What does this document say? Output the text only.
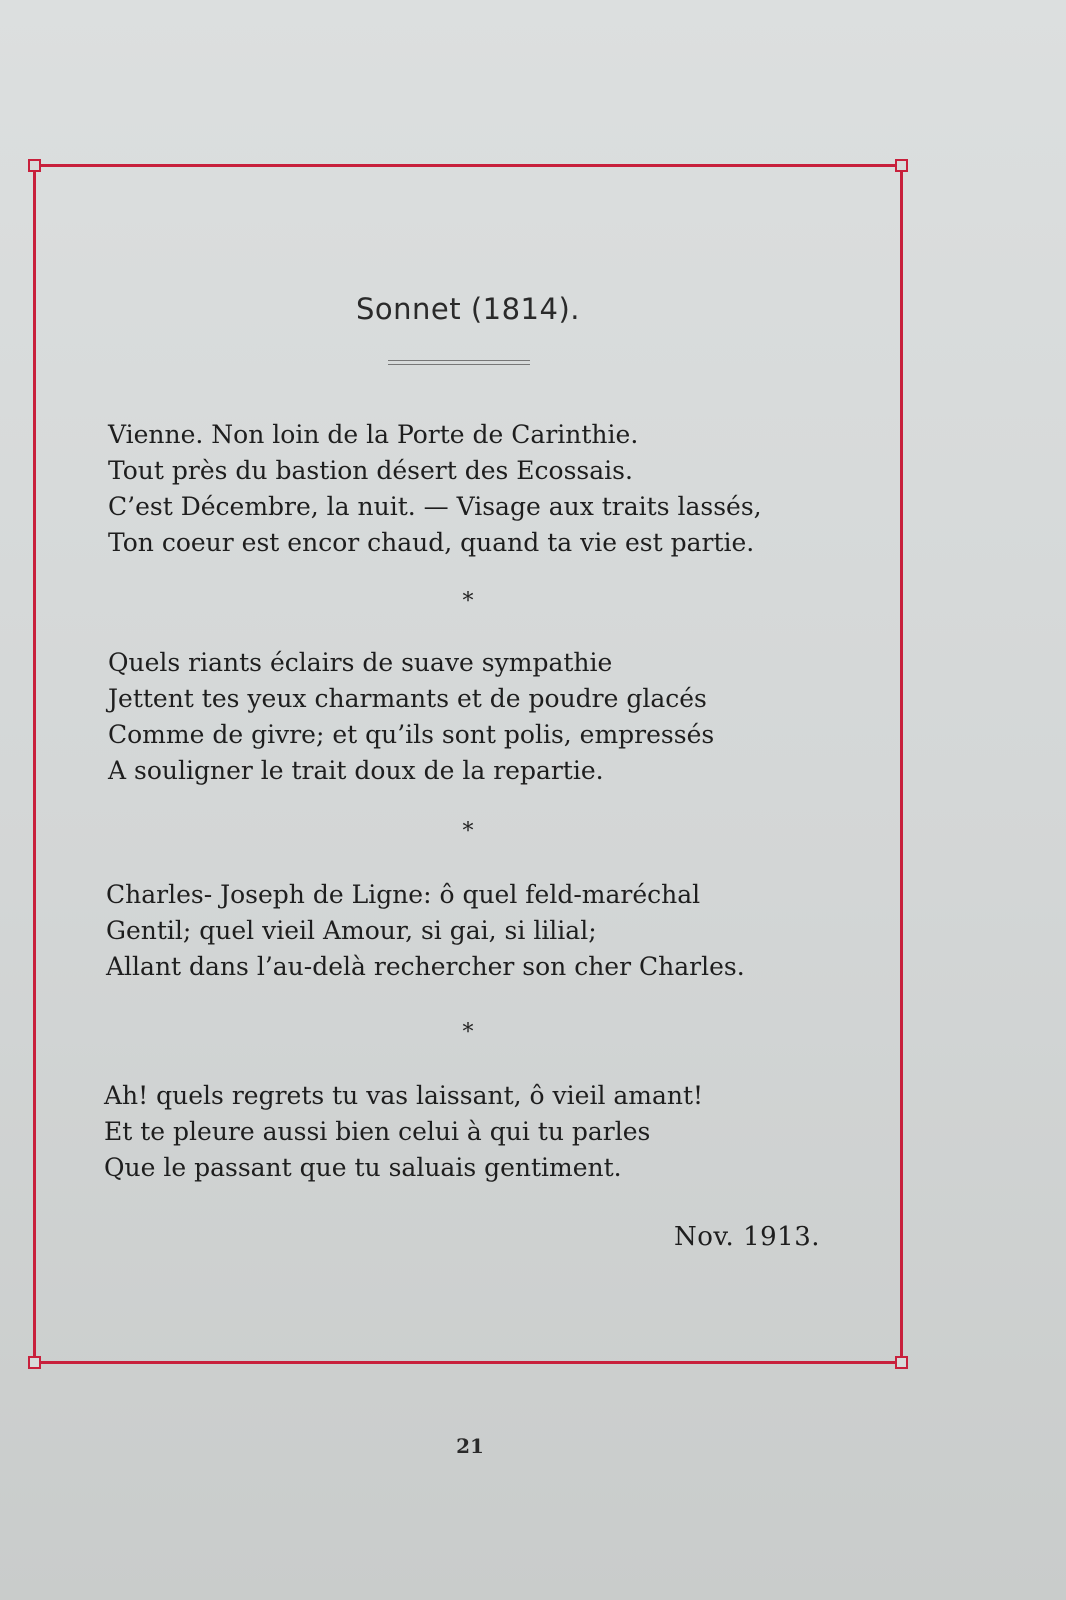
Sonnet (1814).
Vienne. Non loin de la Porte de Carinthie.
Tout près du bastion désert des Ecossais.
C’est Décembre, la nuit. — Visage aux traits lassés,
Ton coeur est encor chaud, quand ta vie est partie.
*
Quels riants éclairs de suave sympathie
Jettent tes yeux charmants et de poudre glacés
Comme de givre; et qu’ils sont polis, empressés
A souligner le trait doux de la repartie.
*
Charles- Joseph de Ligne: ô quel feld-maréchal
Gentil; quel vieil Amour, si gai, si lilial;
Allant dans l’au-delà rechercher son cher Charles.
*
Ah! quels regrets tu vas laissant, ô vieil amant!
Et te pleure aussi bien celui à qui tu parles
Que le passant que tu saluais gentiment.
Nov. 1913.
21
